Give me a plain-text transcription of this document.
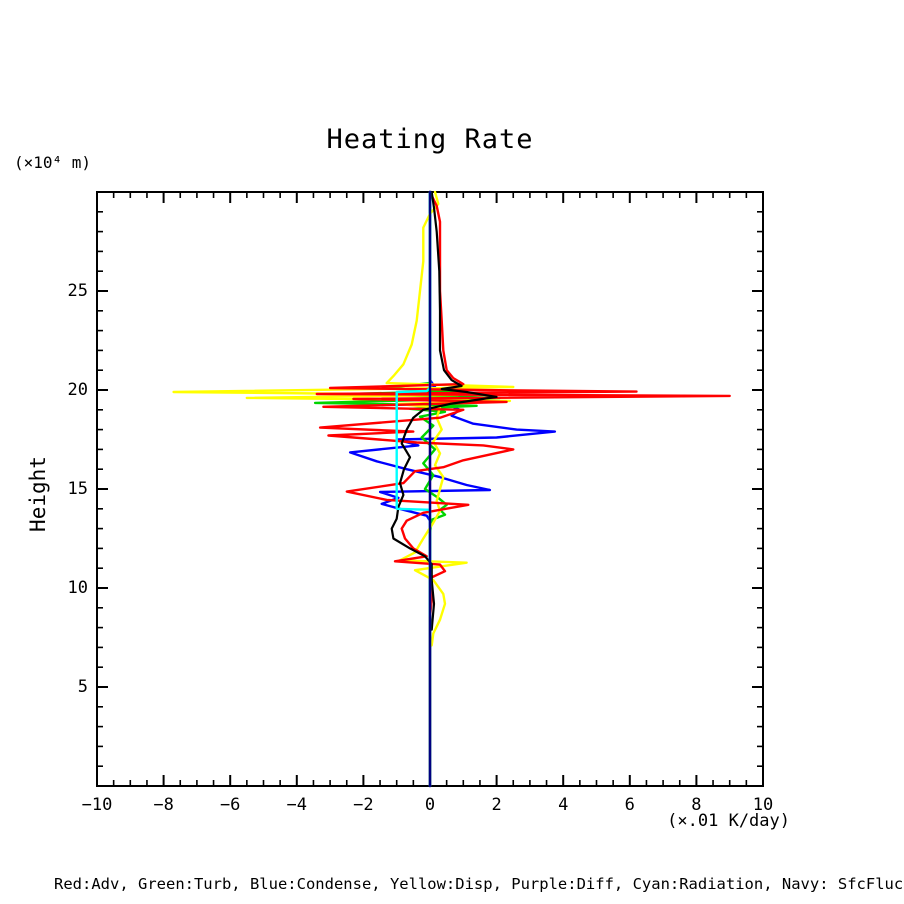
Heating Rate
(×10⁴ m)
Height
(×.01 K/day)
Red:Adv, Green:Turb, Blue:Condense, Yellow:Disp, Purple:Diff, Cyan:Radiation, Navy: SfcFluc
−10	−8	−6	−4	−2	0	2	4	6	8	10
5
10
15
20
25
